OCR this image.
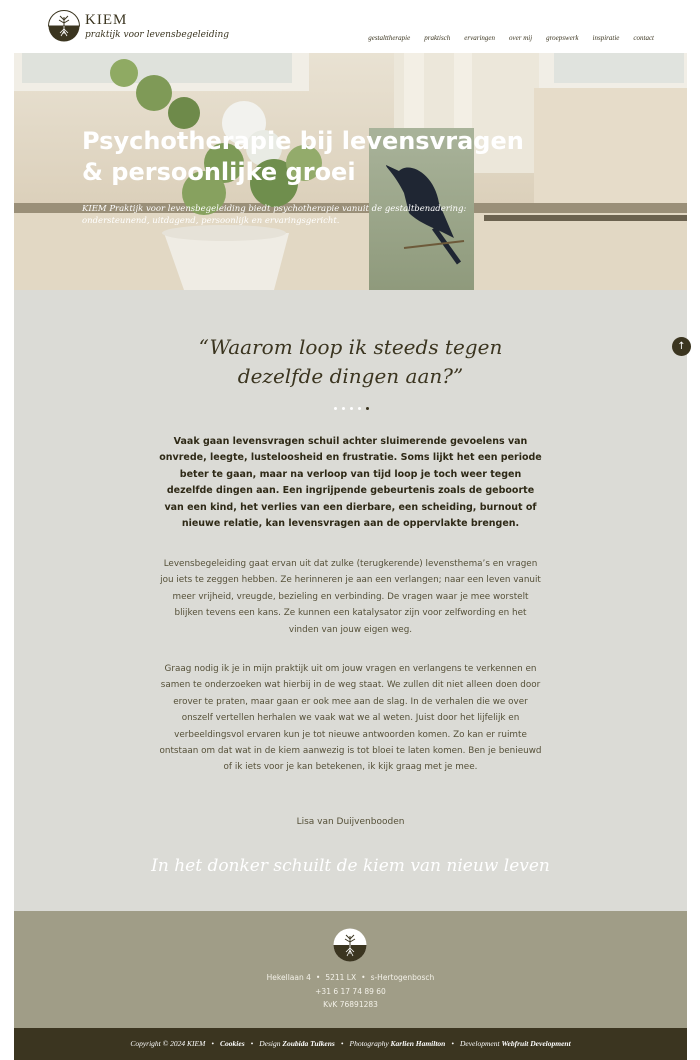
KIEM
praktijk voor levensbegeleiding	gestalttherapie praktisch ervaringen over mij groepswerk inspiratie contact
Psychotherapie bij levensvragen & persoonlijke groei

KIEM Praktijk voor levensbegeleiding biedt psychotherapie vanuit de gestaltbenadering: ondersteunend, uitdagend, persoonlijk en ervaringsgericht.

“Waarom loop ik steeds tegen
dezelfde dingen aan?”

Vaak gaan levensvragen schuil achter sluimerende gevoelens van onvrede, leegte, lusteloosheid en frustratie. Soms lijkt het een periode beter te gaan, maar na verloop van tijd loop je toch weer tegen dezelfde dingen aan. Een ingrijpende gebeurtenis zoals de geboorte van een kind, het verlies van een dierbare, een scheiding, burnout of nieuwe relatie, kan levensvragen aan de oppervlakte brengen.

Levensbegeleiding gaat ervan uit dat zulke (terugkerende) levensthema’s en vragen jou iets te zeggen hebben. Ze herinneren je aan een verlangen; naar een leven vanuit meer vrijheid, vreugde, bezieling en verbinding. De vragen waar je mee worstelt blijken tevens een kans. Ze kunnen een katalysator zijn voor zelfwording en het vinden van jouw eigen weg.

Graag nodig ik je in mijn praktijk uit om jouw vragen en verlangens te verkennen en samen te onderzoeken wat hierbij in de weg staat. We zullen dit niet alleen doen door erover te praten, maar gaan er ook mee aan de slag. In de verhalen die we over onszelf vertellen herhalen we vaak wat we al weten. Juist door het lijfelijk en verbeeldingsvol ervaren kun je tot nieuwe antwoorden komen. Zo kan er ruimte ontstaan om dat wat in de kiem aanwezig is tot bloei te laten komen. Ben je benieuwd of ik iets voor je kan betekenen, ik kijk graag met je mee.

Lisa van Duijvenbooden

In het donker schuilt de kiem van nieuw leven

↑

Hekellaan 4 • 5211 LX • s-Hertogenbosch

+31 6 17 74 89 60

KvK 76891283

Copyright © 2024 KIEM • Cookies • Design Zoubida Tulkens • Photography Karlien Hamilton • Development Webfruit Development
